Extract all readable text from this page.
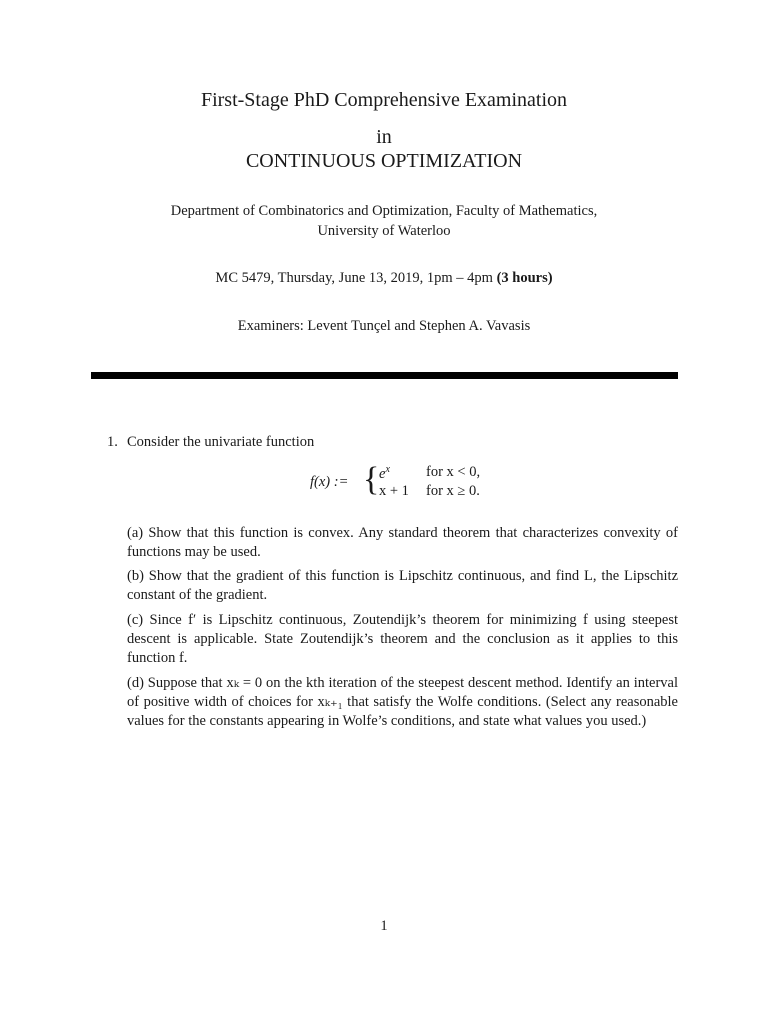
First-Stage PhD Comprehensive Examination
in
CONTINUOUS OPTIMIZATION
Department of Combinatorics and Optimization, Faculty of Mathematics,
University of Waterloo
MC 5479, Thursday, June 13, 2019, 1pm – 4pm (3 hours)
Examiners: Levent Tunçel and Stephen A. Vavasis
1. Consider the univariate function
f(x) := { $e^x$
x + 1
for x < 0,
for x ≥ 0.
(a) Show that this function is convex. Any standard theorem that characterizes convexity of functions may be used.
(b) Show that the gradient of this function is Lipschitz continuous, and find L, the Lipschitz constant of the gradient.
(c) Since f′ is Lipschitz continuous, Zoutendijk’s theorem for minimizing f using steepest descent is applicable. State Zoutendijk’s theorem and the conclusion as it applies to this function f.
(d) Suppose that xₖ = 0 on the kth iteration of the steepest descent method. Identify an interval of positive width of choices for xₖ₊₁ that satisfy the Wolfe conditions. (Select any reasonable values for the constants appearing in Wolfe’s conditions, and state what values you used.)
1
